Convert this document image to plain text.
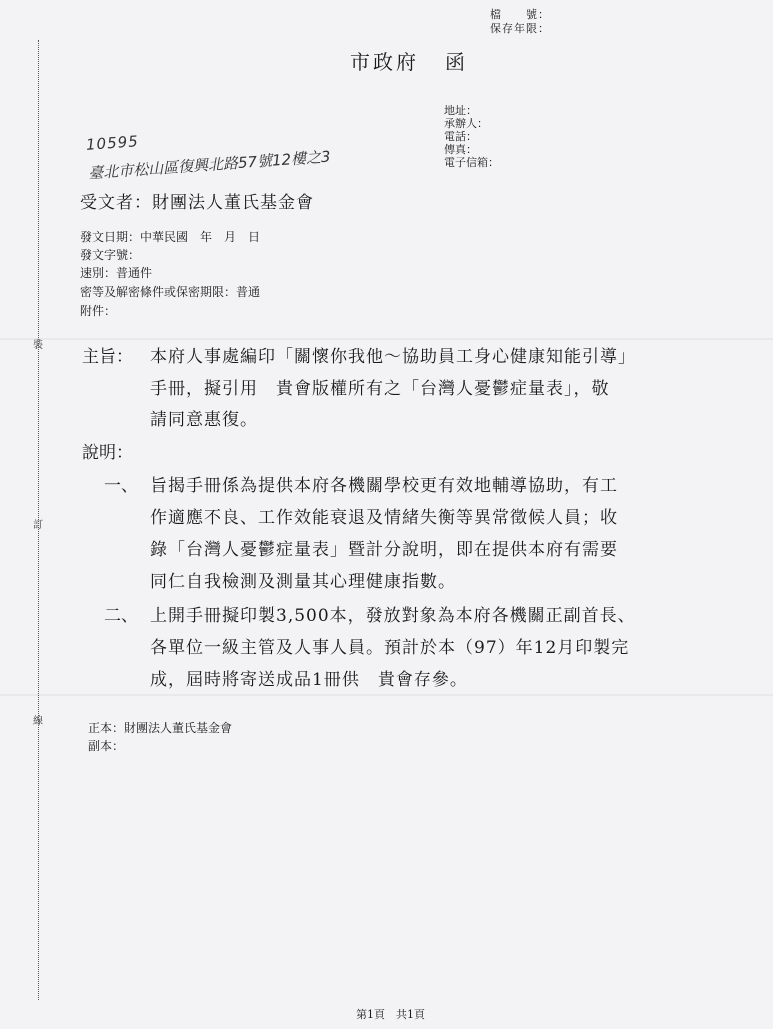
裝
訂
線
檔　　號：
保存年限：
市政府 函
地址：
承辦人：
電話：
傳真：
電子信箱：
10595
臺北市松山區復興北路57號12樓之3
受文者：財團法人董氏基金會
發文日期：中華民國　年　月　日
發文字號：
速別：普通件
密等及解密條件或保密期限：普通
附件：
主旨： 本府人事處編印「關懷你我他～協助員工身心健康知能引導」
手冊，擬引用　貴會版權所有之「台灣人憂鬱症量表」，敬
請同意惠復。
說明：
一、 旨揭手冊係為提供本府各機關學校更有效地輔導協助，有工
作適應不良、工作效能衰退及情緒失衡等異常徵候人員；收
錄「台灣人憂鬱症量表」暨計分說明，即在提供本府有需要
同仁自我檢測及測量其心理健康指數。
二、 上開手冊擬印製3,500本，發放對象為本府各機關正副首長、
各單位一級主管及人事人員。預計於本（97）年12月印製完
成，屆時將寄送成品1冊供　貴會存參。
正本：財團法人董氏基金會
副本：
第1頁　共1頁
